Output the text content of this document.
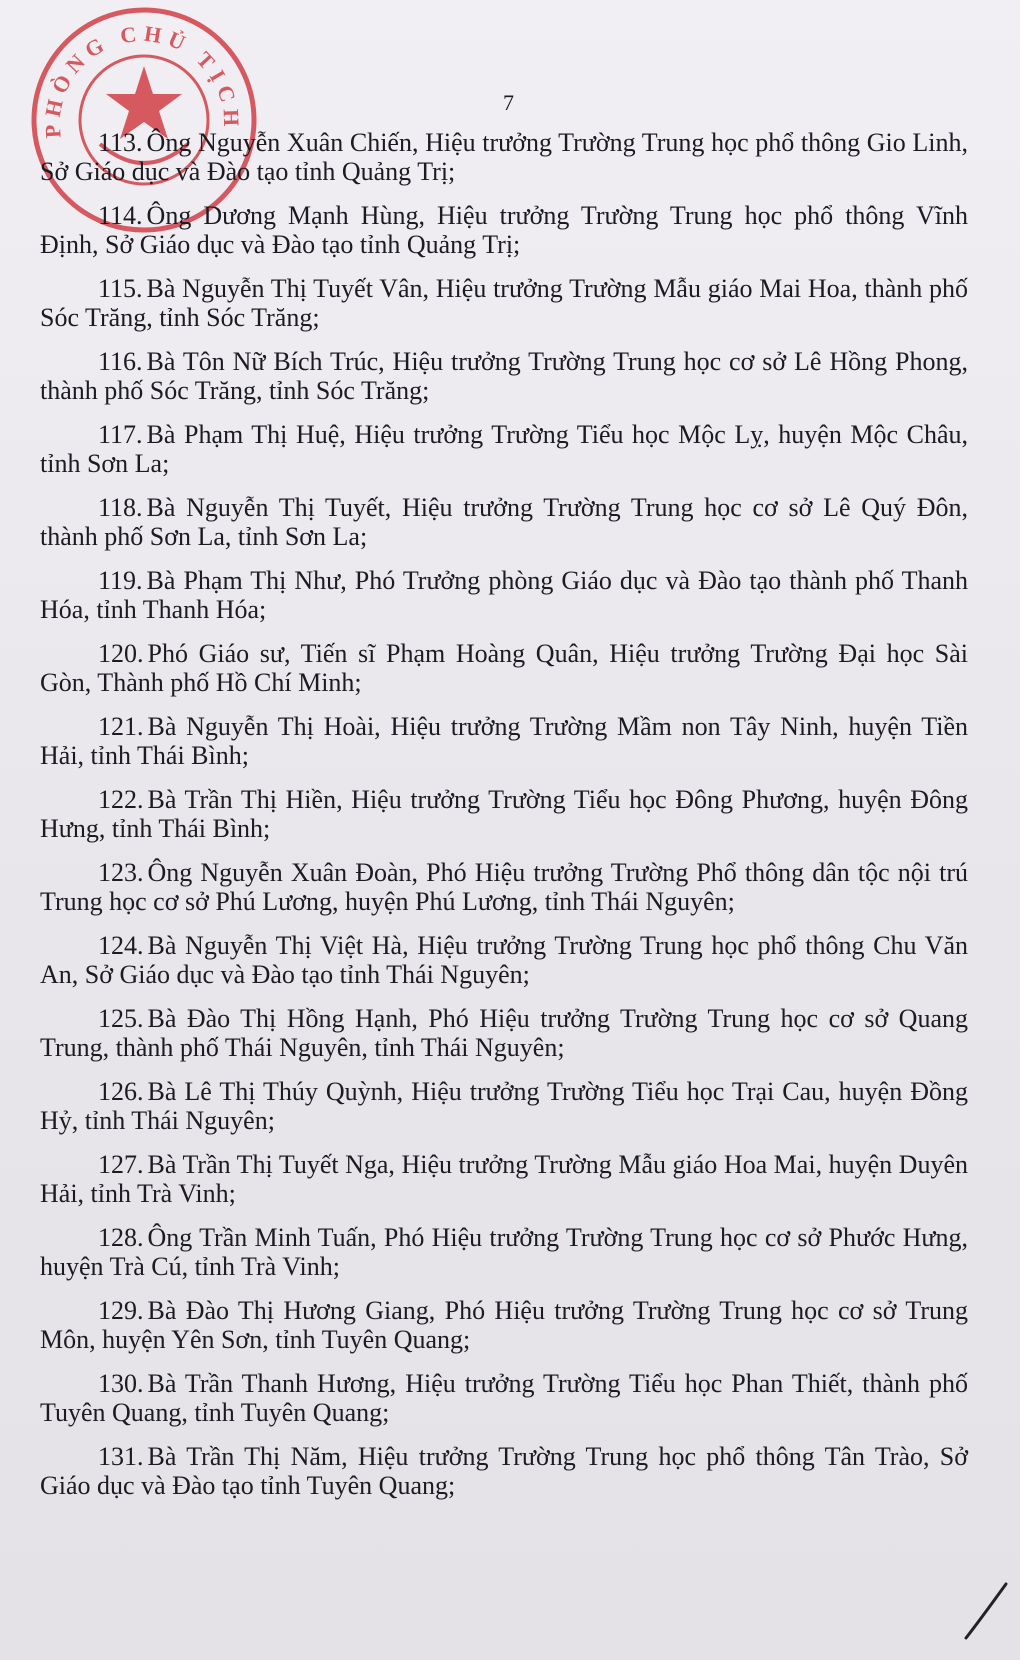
PHÒNG CHỦ TỊCH
7

113. Ông Nguyễn Xuân Chiến, Hiệu trưởng Trường Trung học phổ thông Gio Linh, Sở Giáo dục và Đào tạo tỉnh Quảng Trị;

114. Ông Dương Mạnh Hùng, Hiệu trưởng Trường Trung học phổ thông Vĩnh Định, Sở Giáo dục và Đào tạo tỉnh Quảng Trị;

115. Bà Nguyễn Thị Tuyết Vân, Hiệu trưởng Trường Mẫu giáo Mai Hoa, thành phố Sóc Trăng, tỉnh Sóc Trăng;

116. Bà Tôn Nữ Bích Trúc, Hiệu trưởng Trường Trung học cơ sở Lê Hồng Phong, thành phố Sóc Trăng, tỉnh Sóc Trăng;

117. Bà Phạm Thị Huệ, Hiệu trưởng Trường Tiểu học Mộc Lỵ, huyện Mộc Châu, tỉnh Sơn La;

118. Bà Nguyễn Thị Tuyết, Hiệu trưởng Trường Trung học cơ sở Lê Quý Đôn, thành phố Sơn La, tỉnh Sơn La;

119. Bà Phạm Thị Như, Phó Trưởng phòng Giáo dục và Đào tạo thành phố Thanh Hóa, tỉnh Thanh Hóa;

120. Phó Giáo sư, Tiến sĩ Phạm Hoàng Quân, Hiệu trưởng Trường Đại học Sài Gòn, Thành phố Hồ Chí Minh;

121. Bà Nguyễn Thị Hoài, Hiệu trưởng Trường Mầm non Tây Ninh, huyện Tiền Hải, tỉnh Thái Bình;

122. Bà Trần Thị Hiền, Hiệu trưởng Trường Tiểu học Đông Phương, huyện Đông Hưng, tỉnh Thái Bình;

123. Ông Nguyễn Xuân Đoàn, Phó Hiệu trưởng Trường Phổ thông dân tộc nội trú Trung học cơ sở Phú Lương, huyện Phú Lương, tỉnh Thái Nguyên;

124. Bà Nguyễn Thị Việt Hà, Hiệu trưởng Trường Trung học phổ thông Chu Văn An, Sở Giáo dục và Đào tạo tỉnh Thái Nguyên;

125. Bà Đào Thị Hồng Hạnh, Phó Hiệu trưởng Trường Trung học cơ sở Quang Trung, thành phố Thái Nguyên, tỉnh Thái Nguyên;

126. Bà Lê Thị Thúy Quỳnh, Hiệu trưởng Trường Tiểu học Trại Cau, huyện Đồng Hỷ, tỉnh Thái Nguyên;

127. Bà Trần Thị Tuyết Nga, Hiệu trưởng Trường Mẫu giáo Hoa Mai, huyện Duyên Hải, tỉnh Trà Vinh;

128. Ông Trần Minh Tuấn, Phó Hiệu trưởng Trường Trung học cơ sở Phước Hưng, huyện Trà Cú, tỉnh Trà Vinh;

129. Bà Đào Thị Hương Giang, Phó Hiệu trưởng Trường Trung học cơ sở Trung Môn, huyện Yên Sơn, tỉnh Tuyên Quang;

130. Bà Trần Thanh Hương, Hiệu trưởng Trường Tiểu học Phan Thiết, thành phố Tuyên Quang, tỉnh Tuyên Quang;

131. Bà Trần Thị Năm, Hiệu trưởng Trường Trung học phổ thông Tân Trào, Sở Giáo dục và Đào tạo tỉnh Tuyên Quang;
